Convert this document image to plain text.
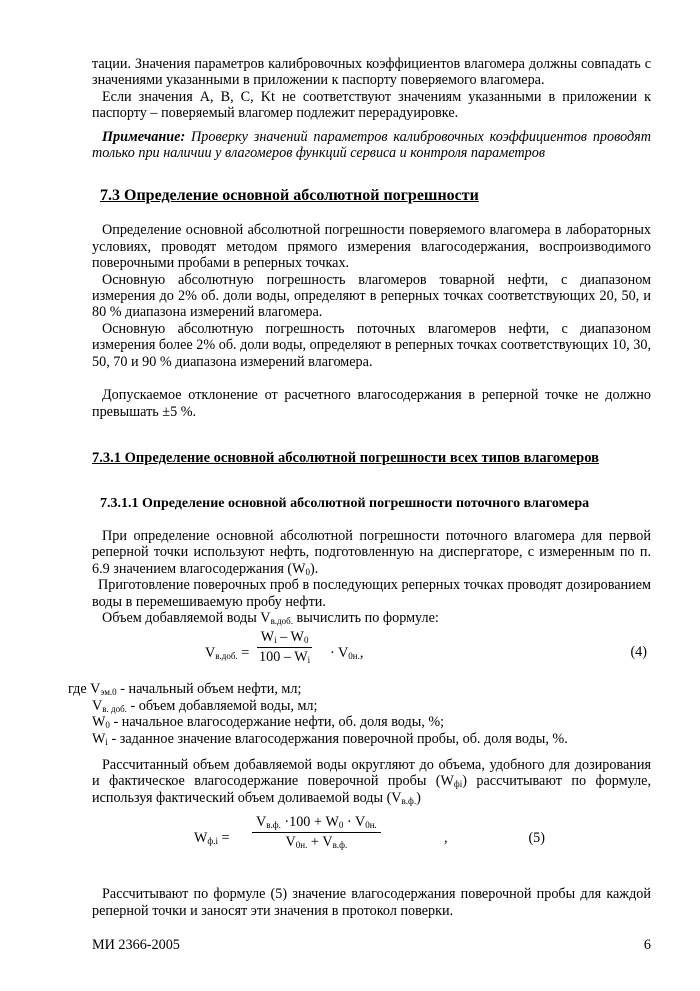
тации. Значения параметров калибровочных коэффициентов влагомера должны совпадать с значениями указанными в приложении к паспорту поверяемого влагомера.

Если значения A, B, C, Kt не соответствуют значениям указанными в приложении к паспорту – поверяемый влагомер подлежит перерадуировке.

Примечание: Проверку значений параметров калибровочных коэффициентов проводят только при наличии у влагомеров функций сервиса и контроля параметров

7.3 Определение основной абсолютной погрешности

Определение основной абсолютной погрешности поверяемого влагомера в лабораторных условиях, проводят методом прямого измерения влагосодержания, воспроизводимого поверочными пробами в реперных точках.

Основную абсолютную погрешность влагомеров товарной нефти, с диапазоном измерения до 2% об. доли воды, определяют в реперных точках соответствующих 20, 50, и 80 % диапазона измерений влагомера.

Основную абсолютную погрешность поточных влагомеров нефти, с диапазоном измерения более 2% об. доли воды, определяют в реперных точках соответствующих 10, 30, 50, 70 и 90 % диапазона измерений влагомера.

Допускаемое отклонение от расчетного влагосодержания в реперной точке не должно превышать ±5 %.

7.3.1 Определение основной абсолютной погрешности всех типов влагомеров
7.3.1.1 Определение основной абсолютной погрешности поточного влагомера

При определение основной абсолютной погрешности поточного влагомера для первой реперной точки используют нефть, подготовленную на диспергаторе, с измеренным по п. 6.9 значением влагосодержания $(W_0)$.

Приготовление поверочных проб в последующих реперных точках проводят дозированием воды в перемешиваемую пробу нефти.

Объем добавляемой воды $V_{в.доб.}$ вычислить по формуле:

$V_{в.доб.} = \frac{W_i - W_0}{100 - W_i} \cdot V_{0н.}$,	(4)

где $V_{эм.0}$ - начальный объем нефти, мл;

$V_{в. доб.}$ - объем добавляемой воды, мл;

$W_0$ - начальное влагосодержание нефти, об. доля воды, %;

$W_i$ - заданное значение влагосодержания поверочной пробы, об. доля воды, %.

Рассчитанный объем добавляемой воды округляют до объема, удобного для дозирования и фактическое влагосодержание поверочной пробы $(W_{фi})$ рассчитывают по формуле, используя фактический объем доливаемой воды $(V_{в.ф.})$

$W_{ф.i}$ =
$V_{в.ф.} \cdot 100 + W_0 \cdot V_{0н.}$
$V_{0н.} + V_{в.ф.}$	,	(5)

Рассчитывают по формуле (5) значение влагосодержания поверочной пробы для каждой реперной точки и заносят эти значения в протокол поверки.

МИ 2366-2005	6
